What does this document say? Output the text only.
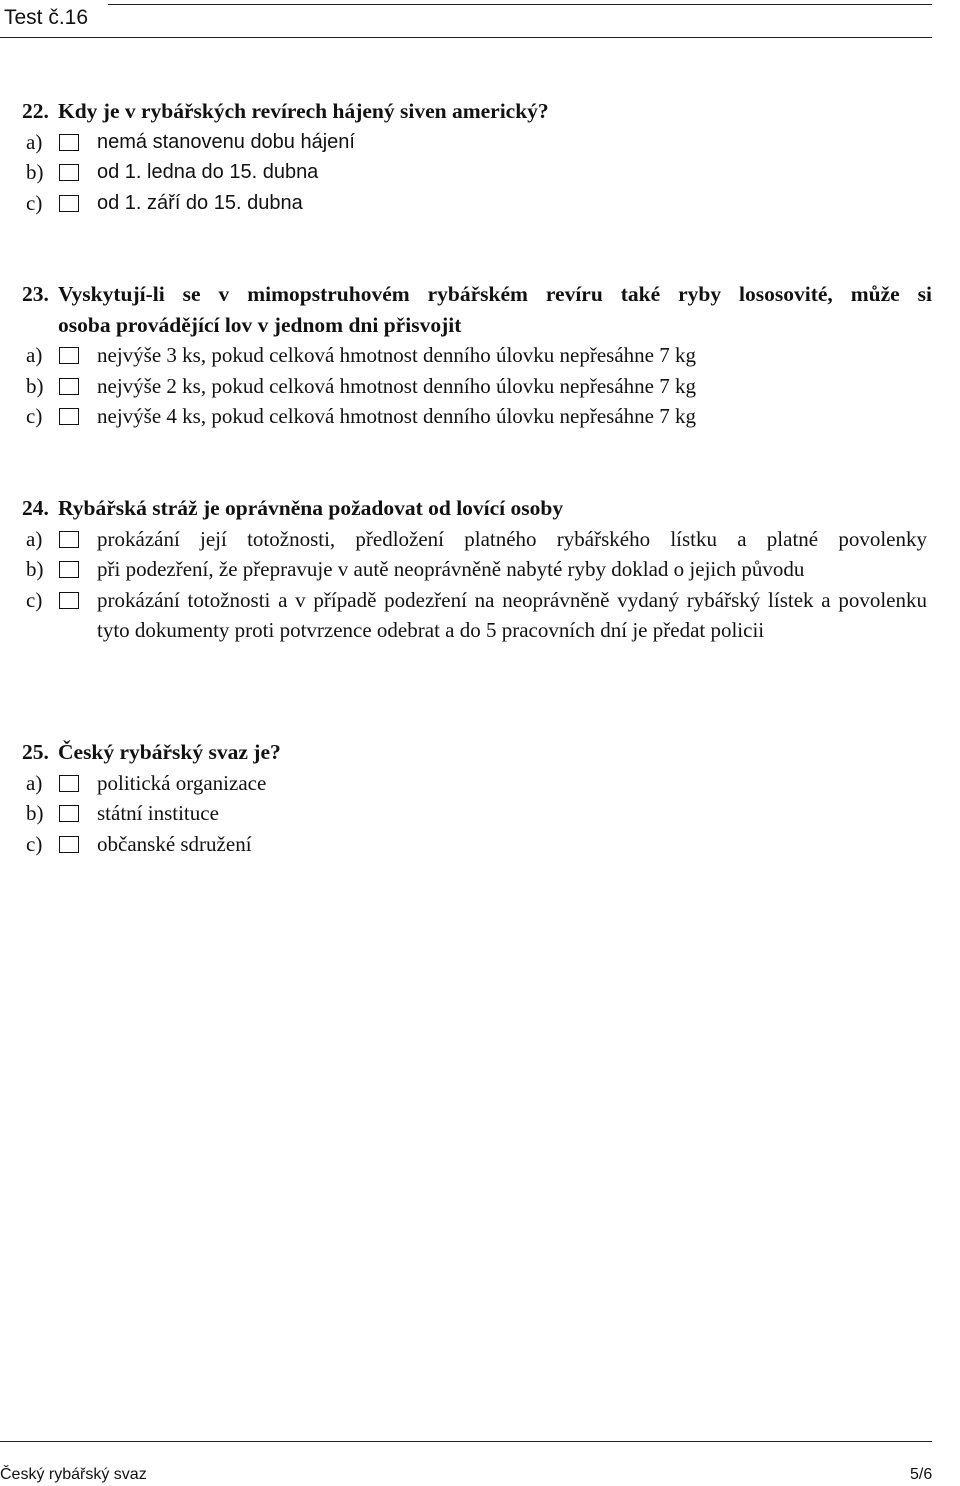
Test č.16
22. Kdy je v rybářských revírech hájený siven americký?
a)	nemá stanovenu dobu hájení
b)	od 1. ledna do 15. dubna
c)	od 1. září do 15. dubna
23. Vyskytují-li se v mimopstruhovém rybářském revíru také ryby lososovité, může si
osoba provádějící lov v jednom dni přisvojit
a)	nejvýše 3 ks, pokud celková hmotnost denního úlovku nepřesáhne 7 kg
b)	nejvýše 2 ks, pokud celková hmotnost denního úlovku nepřesáhne 7 kg
c)	nejvýše 4 ks, pokud celková hmotnost denního úlovku nepřesáhne 7 kg
24. Rybářská stráž je oprávněna požadovat od lovící osoby
a)	prokázání její totožnosti, předložení platného rybářského lístku a platné povolenky
b)	při podezření, že přepravuje v autě neoprávněně nabyté ryby doklad o jejich původu
c)	prokázání totožnosti a v případě podezření na neoprávněně vydaný rybářský lístek a povolenku tyto dokumenty proti potvrzence odebrat a do 5 pracovních dní je předat policii
25. Český rybářský svaz je?
a)	politická organizace
b)	státní instituce
c)	občanské sdružení
Český rybářský svaz	5/6
